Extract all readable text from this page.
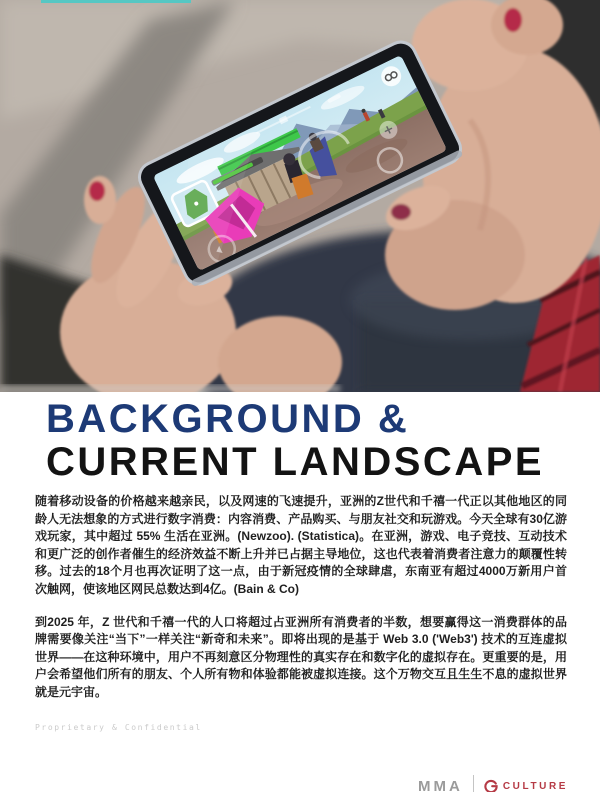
BACKGROUND &
CURRENT LANDSCAPE

随着移动设备的价格越来越亲民，以及网速的飞速提升，亚洲的Z世代和千禧一代正以其他地区的同龄人无法想象的方式进行数字消费：内容消费、产品购买、与朋友社交和玩游戏。今天全球有30亿游戏玩家，其中超过 55% 生活在亚洲。(Newzoo). (Statistica)。在亚洲，游戏、电子竞技、互动技术和更广泛的创作者催生的经济效益不断上升并已占据主导地位，这也代表着消费者注意力的颠覆性转移。过去的18个月也再次证明了这一点，由于新冠疫情的全球肆虐，东南亚有超过4000万新用户首次触网，使该地区网民总数达到4亿。(Bain & Co)

到2025 年，Z 世代和千禧一代的人口将超过占亚洲所有消费者的半数，想要赢得这一消费群体的品牌需要像关注“当下”一样关注“新奇和未来”。即将出现的是基于 Web 3.0 ('Web3') 技术的互连虚拟世界——在这种环境中，用户不再刻意区分物理性的真实存在和数字化的虚拟存在。更重要的是，用户会希望他们所有的朋友、个人所有物和体验都能被虚拟连接。这个万物交互且生生不息的虚拟世界就是元宇宙。

Proprietary & Confidential
MMA	CULTURE
